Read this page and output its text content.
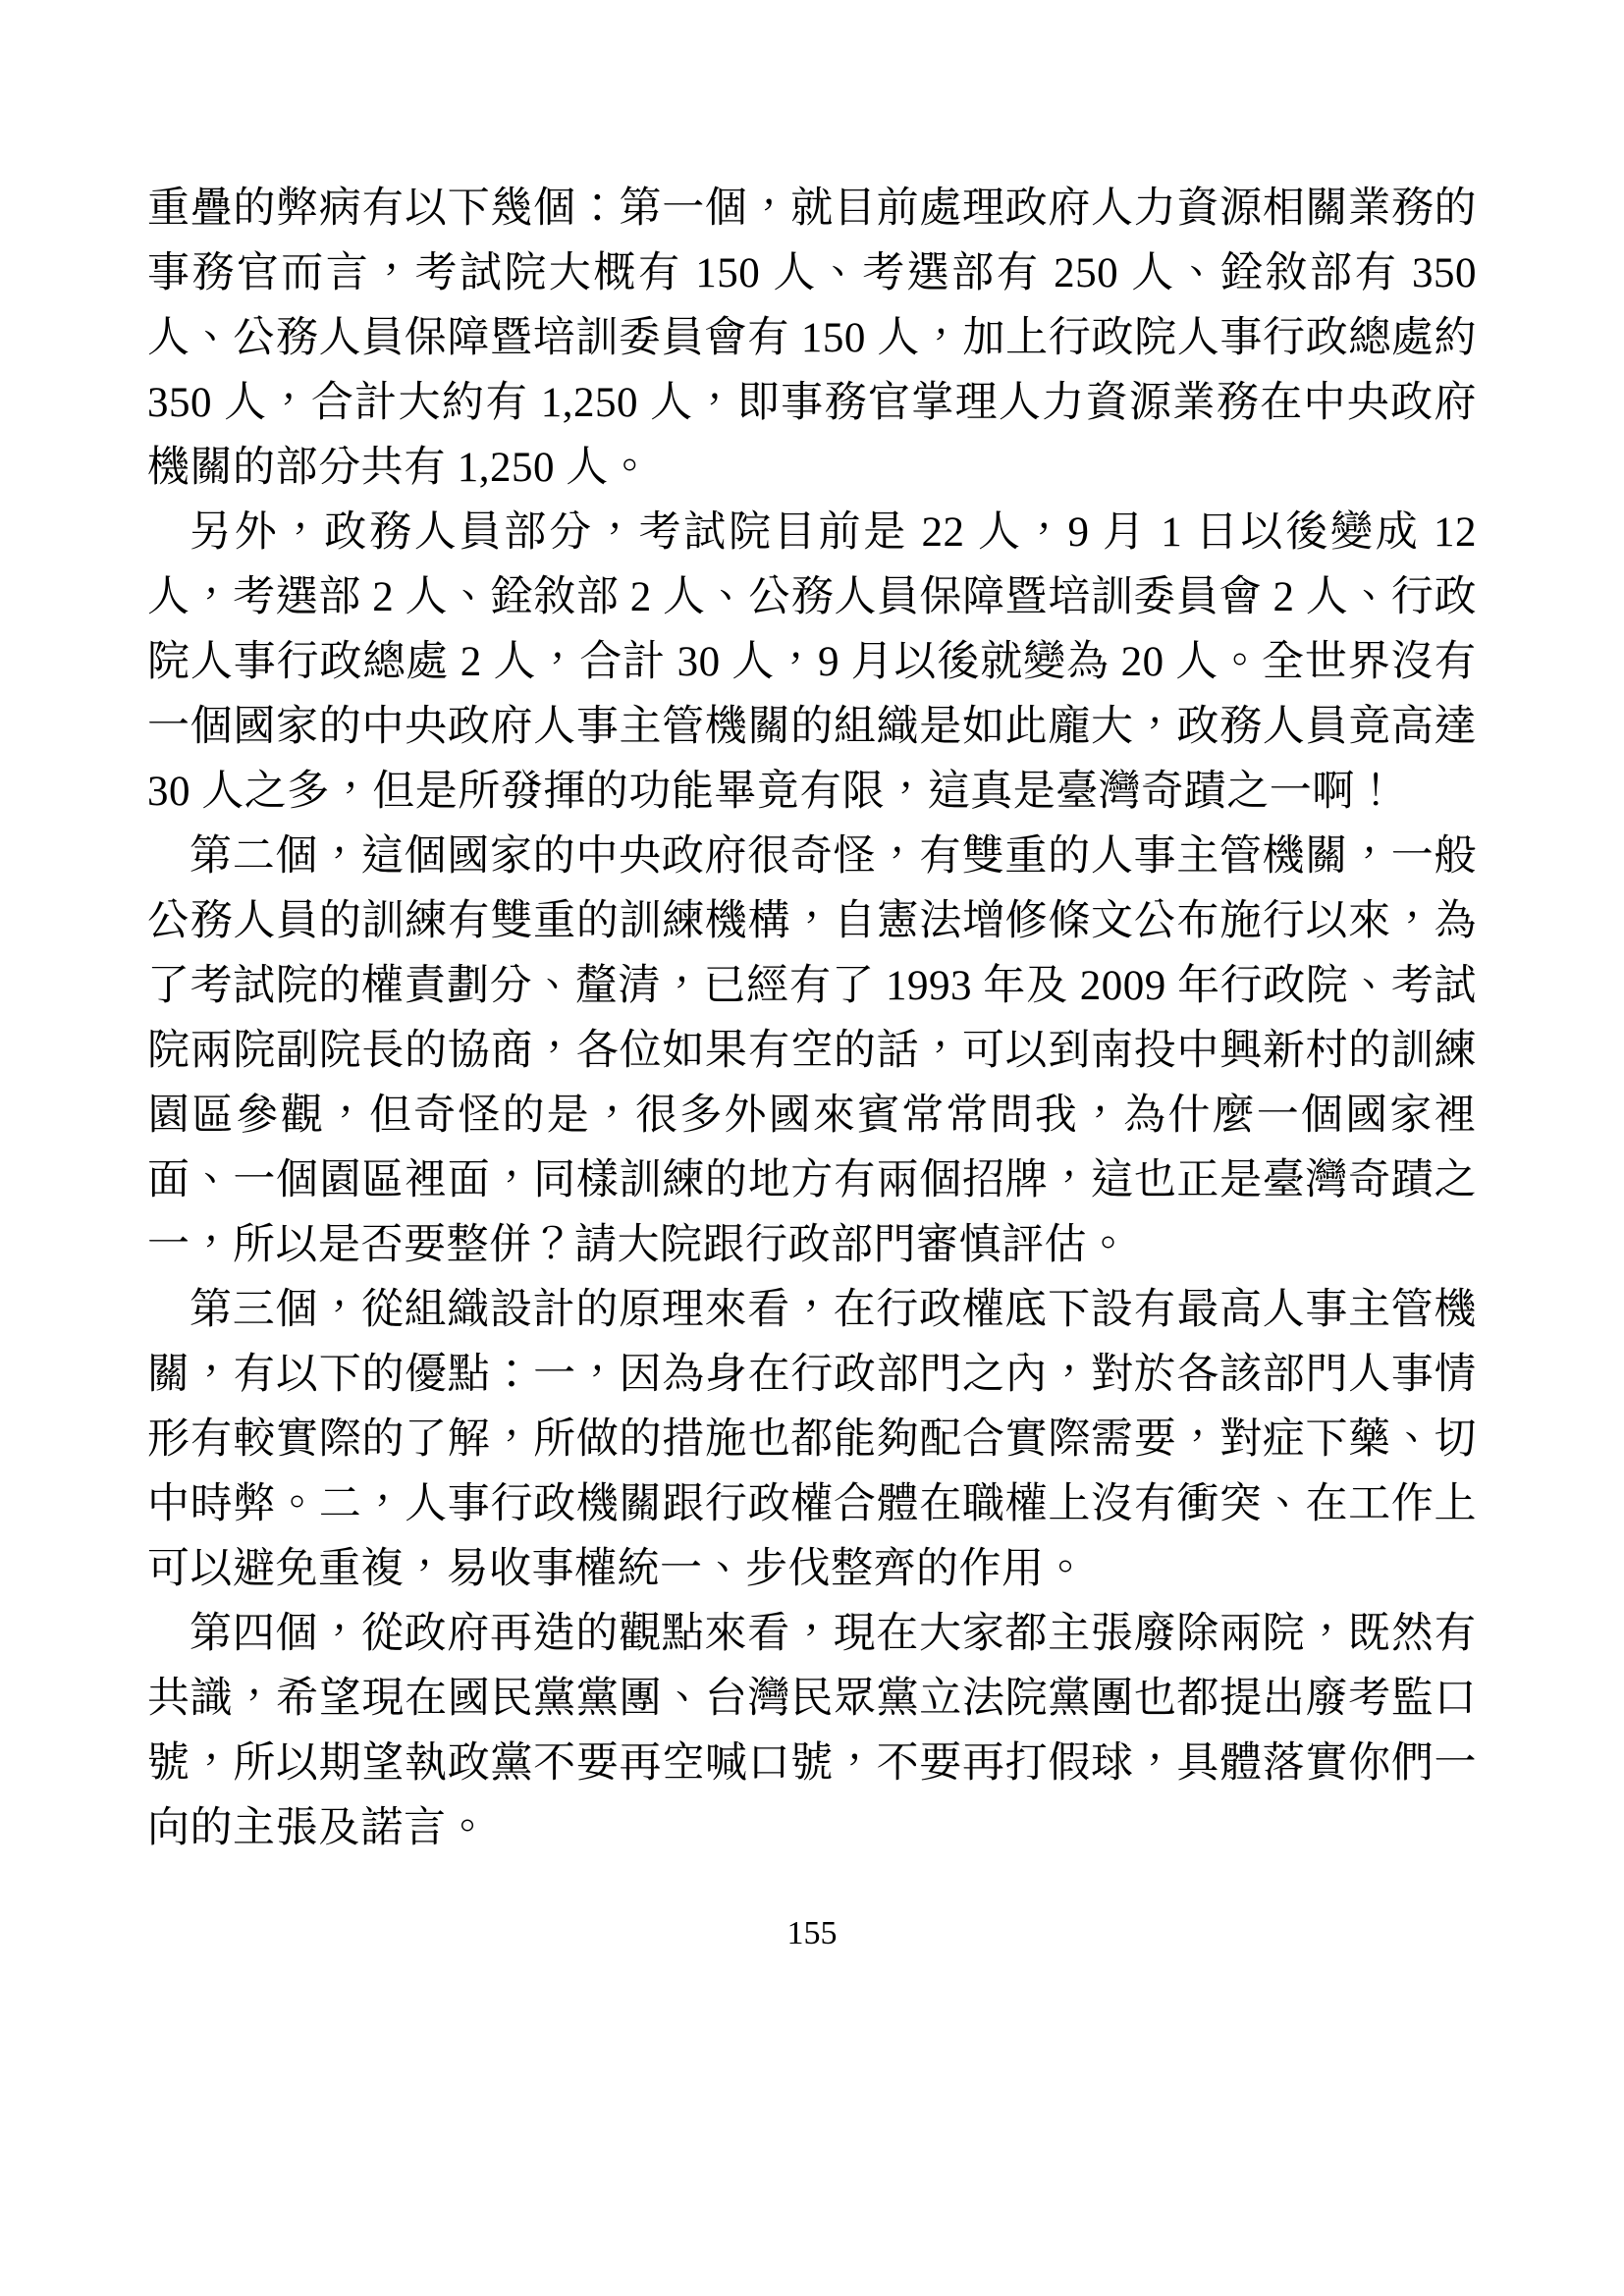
重疊的弊病有以下幾個：第一個，就目前處理政府人力資源相關業務的事務官而言，考試院大概有 150 人、考選部有 250 人、銓敘部有 350 人、公務人員保障暨培訓委員會有 150 人，加上行政院人事行政總處約 350 人，合計大約有 1,250 人，即事務官掌理人力資源業務在中央政府機關的部分共有 1,250 人。

另外，政務人員部分，考試院目前是 22 人，9 月 1 日以後變成 12 人，考選部 2 人、銓敘部 2 人、公務人員保障暨培訓委員會 2 人、行政院人事行政總處 2 人，合計 30 人，9 月以後就變為 20 人。全世界沒有一個國家的中央政府人事主管機關的組織是如此龐大，政務人員竟高達 30 人之多，但是所發揮的功能畢竟有限，這真是臺灣奇蹟之一啊！

第二個，這個國家的中央政府很奇怪，有雙重的人事主管機關，一般公務人員的訓練有雙重的訓練機構，自憲法增修條文公布施行以來，為了考試院的權責劃分、釐清，已經有了 1993 年及 2009 年行政院、考試院兩院副院長的協商，各位如果有空的話，可以到南投中興新村的訓練園區參觀，但奇怪的是，很多外國來賓常常問我，為什麼一個國家裡面、一個園區裡面，同樣訓練的地方有兩個招牌，這也正是臺灣奇蹟之一，所以是否要整併？請大院跟行政部門審慎評估。

第三個，從組織設計的原理來看，在行政權底下設有最高人事主管機關，有以下的優點：一，因為身在行政部門之內，對於各該部門人事情形有較實際的了解，所做的措施也都能夠配合實際需要，對症下藥、切中時弊。二，人事行政機關跟行政權合體在職權上沒有衝突、在工作上可以避免重複，易收事權統一、步伐整齊的作用。

第四個，從政府再造的觀點來看，現在大家都主張廢除兩院，既然有共識，希望現在國民黨黨團、台灣民眾黨立法院黨團也都提出廢考監口號，所以期望執政黨不要再空喊口號，不要再打假球，具體落實你們一向的主張及諾言。

155
